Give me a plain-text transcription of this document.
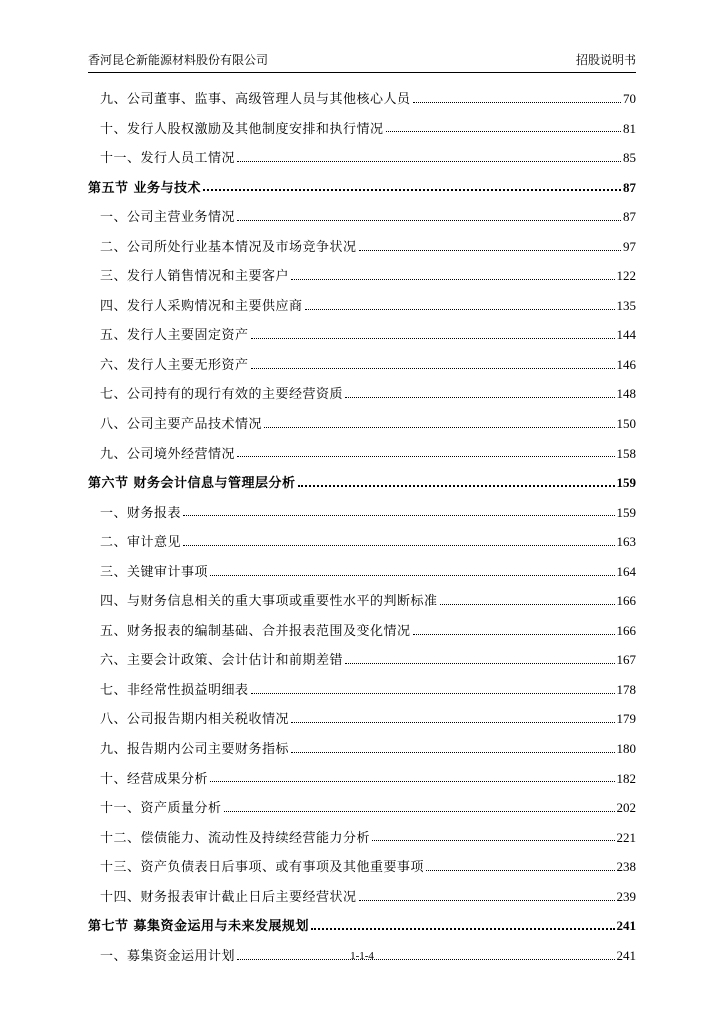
香河昆仑新能源材料股份有限公司	招股说明书
九、公司董事、监事、高级管理人员与其他核心人员	70
十、发行人股权激励及其他制度安排和执行情况	81
十一、发行人员工情况	85
第五节 业务与技术	87
一、公司主营业务情况	87
二、公司所处行业基本情况及市场竞争状况	97
三、发行人销售情况和主要客户	122
四、发行人采购情况和主要供应商	135
五、发行人主要固定资产	144
六、发行人主要无形资产	146
七、公司持有的现行有效的主要经营资质	148
八、公司主要产品技术情况	150
九、公司境外经营情况	158
第六节 财务会计信息与管理层分析	159
一、财务报表	159
二、审计意见	163
三、关键审计事项	164
四、与财务信息相关的重大事项或重要性水平的判断标准	166
五、财务报表的编制基础、合并报表范围及变化情况	166
六、主要会计政策、会计估计和前期差错	167
七、非经常性损益明细表	178
八、公司报告期内相关税收情况	179
九、报告期内公司主要财务指标	180
十、经营成果分析	182
十一、资产质量分析	202
十二、偿债能力、流动性及持续经营能力分析	221
十三、资产负债表日后事项、或有事项及其他重要事项	238
十四、财务报表审计截止日后主要经营状况	239
第七节 募集资金运用与未来发展规划	241
一、募集资金运用计划	241
1-1-4
